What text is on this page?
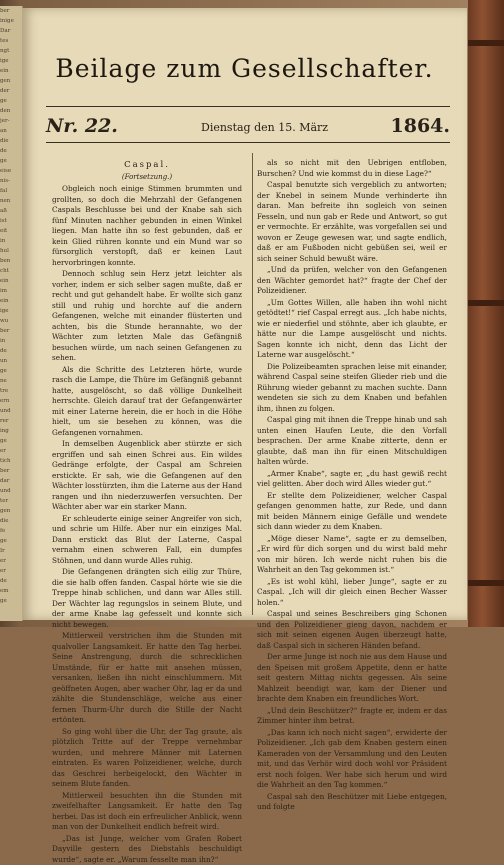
ber

inige

Dar

tes

ngt

ige

ein

gen

der

ge

den

jer-

an

die

de

ge

eise

nis-

fal

nen

aß

ist

eit

in

hul

ben

cht

ein

im

ein

ige

wu

ber

in

de

un

ge

ne

tre

ern

und

rer

ing

ge

er

tich

ber

dar

und

ter

gen

die

fe

ge

Ir

er

er

de

em

ge

Beilage zum Gesellschafter.
Nr. 22.	Dienstag den 15. März	1864.
Caspal.
(Fortsetzung.)

Obgleich noch einige Stimmen brummten und grollten, so doch die Mehrzahl der Gefangenen Caspals Beschlusse bei und der Knabe sah sich fünf Minuten nachher gebunden in einen Winkel liegen. Man hatte ihn so fest gebunden, daß er kein Glied rühren konnte und ein Mund war so fürsorglich verstopft, daß er keinen Laut hervorbringen konnte.

Dennoch schlug sein Herz jetzt leichter als vorher, indem er sich selber sagen mußte, daß er recht und gut gehandelt habe. Er wollte sich ganz still und ruhig und horchte auf die andern Gefangenen, welche mit einander flüsterten und achten, bis die Stunde herannahte, wo der Wächter zum letzten Male das Gefängniß besuchen würde, um nach seinen Gefangenen zu sehen.

Als die Schritte des Letzteren hörte, wurde rasch die Lampe, die Thüre im Gefängniß gebannt hatte, ausgelöscht, so daß völlige Dunkelheit herrschte. Gleich darauf trat der Gefangenwärter mit einer Laterne herein, die er hoch in die Höhe hielt, um sie besehen zu können, was die Gefangenen vornahmen.

In demselben Augenblick aber stürzte er sich ergriffen und sah einen Schrei aus. Ein wildes Gedränge erfolgte, der Caspal am Schreien erstickte. Er sah, wie die Gefangenen auf den Wächter losstürzten, ihm die Laterne aus der Hand rangen und ihn niederzuwerfen versuchten. Der Wächter aber war ein starker Mann.

Er schleuderte einige seiner Angreifer von sich, und schrie um Hilfe. Aber nur ein einziges Mal. Dann erstickt das Blut der Laterne, Caspal vernahm einen schweren Fall, ein dumpfes Stöhnen, und dann wurde Alles ruhig.

Die Gefangenen drängten sich eilig zur Thüre, die sie halb offen fanden. Caspal hörte wie sie die Treppe hinab schlichen, und dann war Alles still. Der Wächter lag regungslos in seinem Blute, und der arme Knabe lag gefesselt und konnte sich nicht bewegen.

Mittlerweil verstrichen ihm die Stunden mit qualvoller Langsamkeit. Er hatte den Tag herbei. Seine Anstrengung, durch die schrecklichen Umstände, für er hatte mit ansehen müssen, versanken, ließen ihn nicht einschlummern. Mit geöffneten Augen, aber wacher Ohr, lag er da und zählte die Stundenschläge, welche aus einer fernen Thurm-Uhr durch die Stille der Nacht ertönten.

So ging wohl über die Uhr, der Tag graute, als plötzlich Tritte auf der Treppe vernehmbar wurden, und mehrere Männer mit Laternen eintraten. Es waren Polizeidiener, welche, durch das Geschrei herbeigelockt, den Wächter in seinem Blute fanden.

Mittlerweil besuchten ihn die Stunden mit zweifelhafter Langsamkeit. Er hatte den Tag herbei. Das ist doch ein erfreulicher Anblick, wenn man von der Dunkelheit endlich befreit wird.

„Das ist Junge, welcher vom Grafen Robert Dayville gestern des Diebstahls beschuldigt wurde“, sagte er. „Warum fesselte man ihn?“

als so nicht mit den Uebrigen entfloben, Burschen? Und wie kommst du in diese Lage?“

Caspal benutzte sich vergeblich zu antworten; der Knebel in seinem Munde verhinderte ihn daran. Man befreite ihn sogleich von seinen Fesseln, und nun gab er Rede und Antwort, so gut er vermochte. Er erzählte, was vorgefallen sei und wovon er Zeuge gewesen war, und sagte endlich, daß er am Fußboden nicht gebüßen sei, weil er sich seiner Schuld bewußt wäre.

„Und da prüfen, welcher von den Gefangenen den Wächter gemordet hat?“ fragte der Chef der Polizeidiener.

„Um Gottes Willen, alle haben ihn wohl nicht getödtet!“ rief Caspal erregt aus. „Ich habe nichts, wie er niederfiel und stöhnte, aber ich glaubte, er hätte nur die Lampe ausgelöscht und nichts. Sagen konnte ich nicht, denn das Licht der Laterne war ausgelöscht.“

Die Polizeibeamten sprachen leise mit einander, während Caspal seine steifen Glieder rieb und die Rührung wieder gebannt zu machen suchte. Dann wendeten sie sich zu dem Knaben und befahlen ihm, ihnen zu folgen.

Caspal ging mit ihnen die Treppe hinab und sah unten einen Haufen Leute, die den Vorfall besprachen. Der arme Knabe zitterte, denn er glaubte, daß man ihn für einen Mitschuldigen halten würde.

„Armer Knabe“, sagte er, „du hast gewiß recht viel gelitten. Aber doch wird Alles wieder gut.“

Er stellte dem Polizeidiener, welcher Caspal gefangen genommen hatte, zur Rede, und dann mit beiden Männern einige Gefälle und wendete sich dann wieder zu dem Knaben.

„Möge dieser Name“, sagte er zu demselben, „Er wird für dich sorgen und du wirst bald mehr von mir hören. Ich werde nicht ruhen bis die Wahrheit an den Tag gekommen ist.“

„Es ist wohl kühl, lieber Junge“, sagte er zu Caspal. „Ich will dir gleich einen Becher Wasser holen.“

Caspal und seines Beschreibers ging Schonen und den Polizeidiener gieng davon, nachdem er sich mit seinen eigenen Augen überzeugt hatte, daß Caspal sich in sicheren Händen befand.

Der arme Junge ist noch nie aus dem Hause und den Speisen mit großem Appetite, denn er hatte seit gestern Mittag nichts gegessen. Als seine Mahlzeit beendigt war, kam der Diener und brachte dem Knaben ein freundliches Wort.

„Und dein Beschützer?“ fragte er, indem er das Zimmer hinter ihm betrat.

„Das kann ich noch nicht sagen“, erwiderte der Polizeidiener. „Ich gab dem Knaben gestern einen Kameraden von der Versammlung und den Leuten mit, und das Verhör wird doch wohl vor Präsident erst noch folgen. Wer habe sich herum und wird die Wahrheit an den Tag kommen.“

Caspal sah den Beschützer mit Liebe entgegen, und folgte
